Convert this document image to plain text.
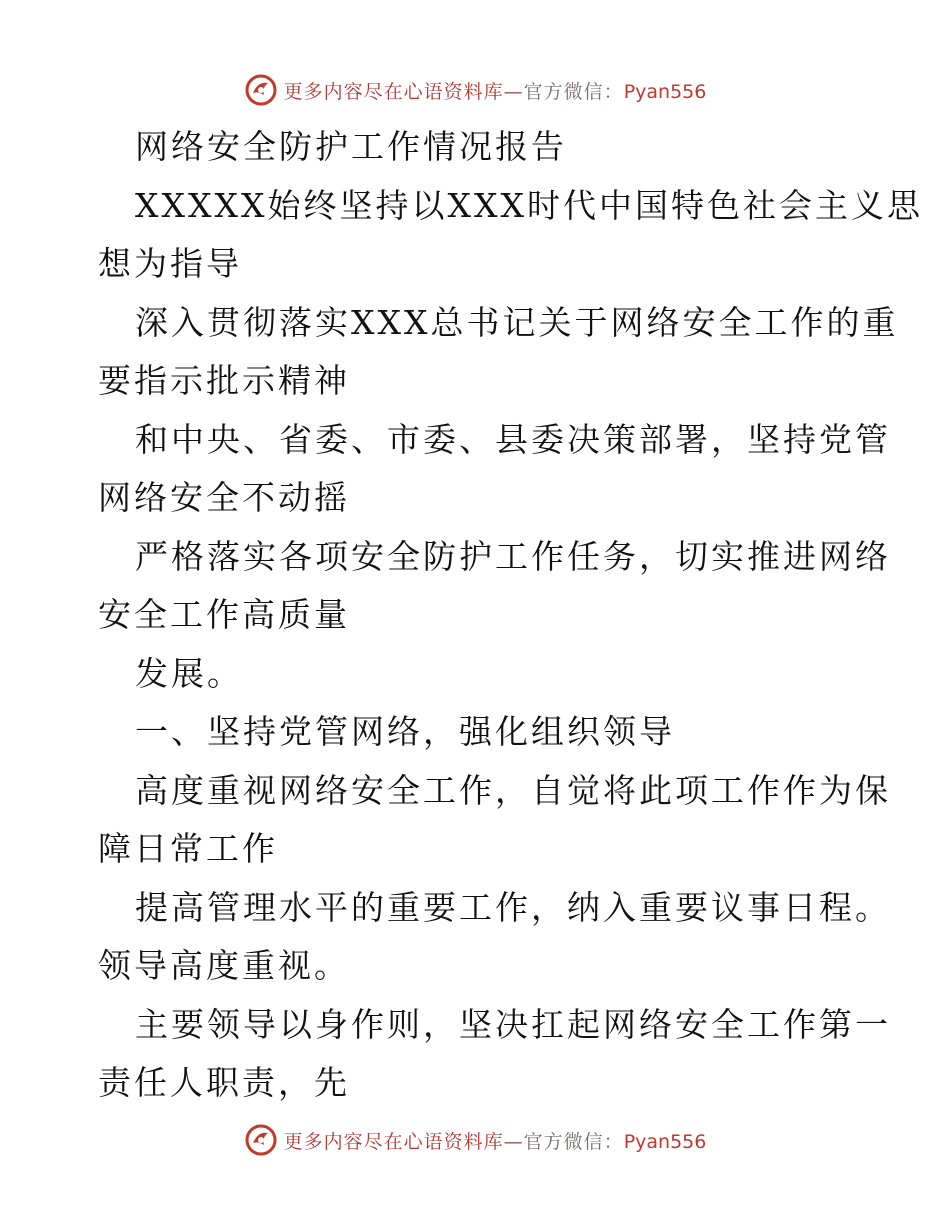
更多内容尽在心语资料库—官方微信：Pyan556
网络安全防护工作情况报告
XXXXX始终坚持以XXX时代中国特色社会主义思
想为指导
深入贯彻落实XXX总书记关于网络安全工作的重
要指示批示精神
和中央、省委、市委、县委决策部署，坚持党管
网络安全不动摇
严格落实各项安全防护工作任务，切实推进网络
安全工作高质量
发展。
一、坚持党管网络，强化组织领导
高度重视网络安全工作，自觉将此项工作作为保
障日常工作
提高管理水平的重要工作，纳入重要议事日程。
领导高度重视。
主要领导以身作则，坚决扛起网络安全工作第一
责任人职责，先
更多内容尽在心语资料库—官方微信：Pyan556
